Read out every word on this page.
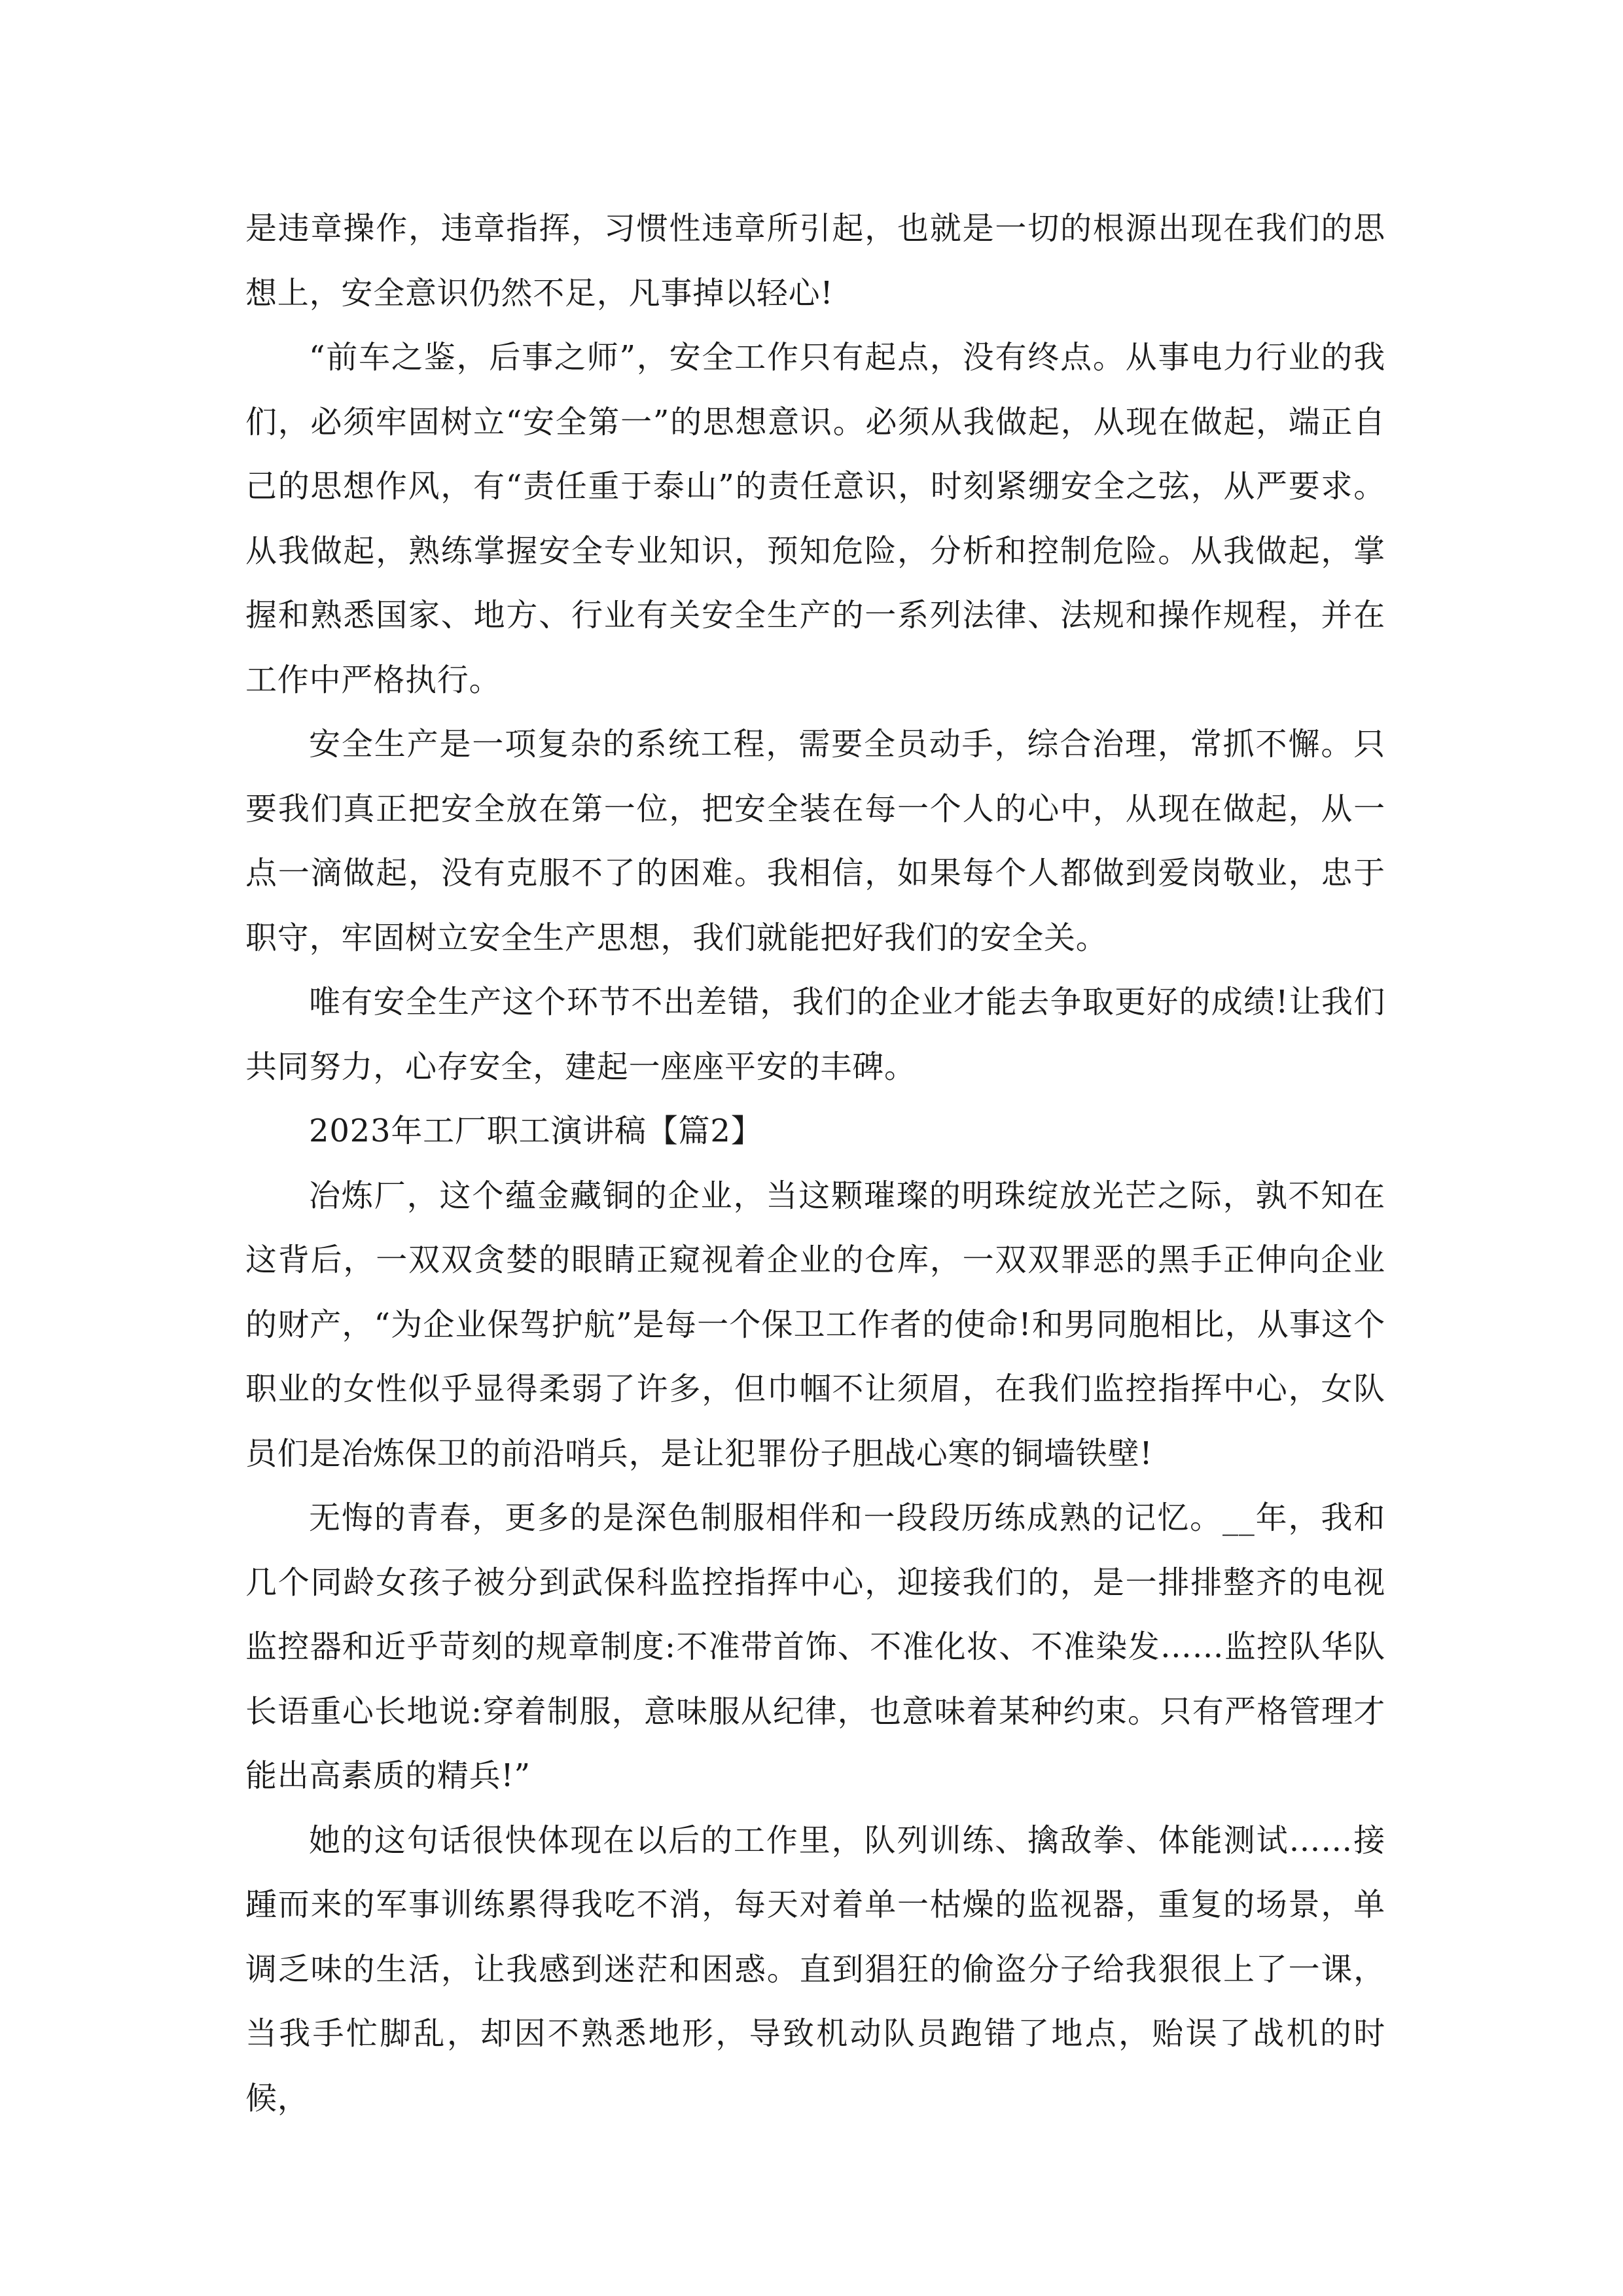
是违章操作，违章指挥，习惯性违章所引起，也就是一切的根源出现在我们的思想上，安全意识仍然不足，凡事掉以轻心!

“前车之鉴，后事之师”，安全工作只有起点，没有终点。从事电力行业的我们，必须牢固树立“安全第一”的思想意识。必须从我做起，从现在做起，端正自己的思想作风，有“责任重于泰山”的责任意识，时刻紧绷安全之弦，从严要求。从我做起，熟练掌握安全专业知识，预知危险，分析和控制危险。从我做起，掌握和熟悉国家、地方、行业有关安全生产的一系列法律、法规和操作规程，并在工作中严格执行。

安全生产是一项复杂的系统工程，需要全员动手，综合治理，常抓不懈。只要我们真正把安全放在第一位，把安全装在每一个人的心中，从现在做起，从一点一滴做起，没有克服不了的困难。我相信，如果每个人都做到爱岗敬业，忠于职守，牢固树立安全生产思想，我们就能把好我们的安全关。

唯有安全生产这个环节不出差错，我们的企业才能去争取更好的成绩!让我们共同努力，心存安全，建起一座座平安的丰碑。

2023年工厂职工演讲稿【篇2】

冶炼厂，这个蕴金藏铜的企业，当这颗璀璨的明珠绽放光芒之际，孰不知在这背后，一双双贪婪的眼睛正窥视着企业的仓库，一双双罪恶的黑手正伸向企业的财产，“为企业保驾护航”是每一个保卫工作者的使命!和男同胞相比，从事这个职业的女性似乎显得柔弱了许多，但巾帼不让须眉，在我们监控指挥中心，女队员们是冶炼保卫的前沿哨兵，是让犯罪份子胆战心寒的铜墙铁壁!

无悔的青春，更多的是深色制服相伴和一段段历练成熟的记忆。__年，我和几个同龄女孩子被分到武保科监控指挥中心，迎接我们的，是一排排整齐的电视监控器和近乎苛刻的规章制度:不准带首饰、不准化妆、不准染发……监控队华队长语重心长地说:穿着制服，意味服从纪律，也意味着某种约束。只有严格管理才能出高素质的精兵!”

她的这句话很快体现在以后的工作里，队列训练、擒敌拳、体能测试……接踵而来的军事训练累得我吃不消，每天对着单一枯燥的监视器，重复的场景，单调乏味的生活，让我感到迷茫和困惑。直到猖狂的偷盗分子给我狠很上了一课，当我手忙脚乱，却因不熟悉地形，导致机动队员跑错了地点，贻误了战机的时候，
